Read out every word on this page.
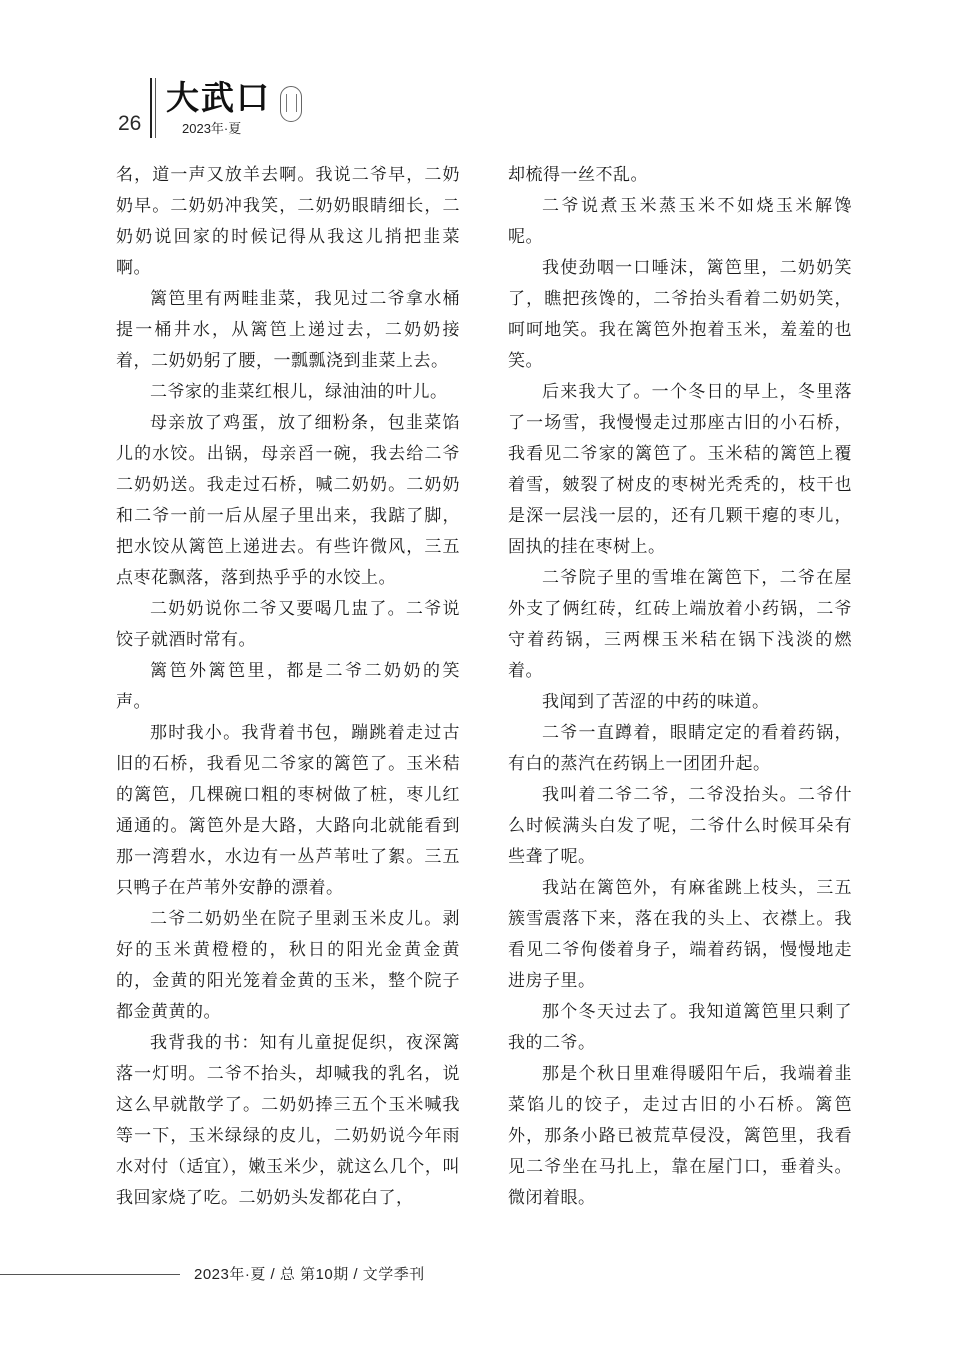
26
大武口
2023年·夏

名，道一声又放羊去啊。我说二爷早，二奶奶早。二奶奶冲我笑，二奶奶眼睛细长，二奶奶说回家的时候记得从我这儿捎把韭菜啊。

篱笆里有两畦韭菜，我见过二爷拿水桶提一桶井水，从篱笆上递过去，二奶奶接着，二奶奶躬了腰，一瓢瓢浇到韭菜上去。

二爷家的韭菜红根儿，绿油油的叶儿。

母亲放了鸡蛋，放了细粉条，包韭菜馅儿的水饺。出锅，母亲舀一碗，我去给二爷二奶奶送。我走过石桥，喊二奶奶。二奶奶和二爷一前一后从屋子里出来，我踮了脚，把水饺从篱笆上递进去。有些许微风，三五点枣花飘落，落到热乎乎的水饺上。

二奶奶说你二爷又要喝几盅了。二爷说饺子就酒时常有。

篱笆外篱笆里，都是二爷二奶奶的笑声。

那时我小。我背着书包，蹦跳着走过古旧的石桥，我看见二爷家的篱笆了。玉米秸的篱笆，几棵碗口粗的枣树做了桩，枣儿红通通的。篱笆外是大路，大路向北就能看到那一湾碧水，水边有一丛芦苇吐了絮。三五只鸭子在芦苇外安静的漂着。

二爷二奶奶坐在院子里剥玉米皮儿。剥好的玉米黄橙橙的，秋日的阳光金黄金黄的，金黄的阳光笼着金黄的玉米，整个院子都金黄黄的。

我背我的书：知有儿童捉促织，夜深篱落一灯明。二爷不抬头，却喊我的乳名，说这么早就散学了。二奶奶捧三五个玉米喊我等一下，玉米绿绿的皮儿，二奶奶说今年雨水对付（适宜），嫩玉米少，就这么几个，叫我回家烧了吃。二奶奶头发都花白了，

却梳得一丝不乱。

二爷说煮玉米蒸玉米不如烧玉米解馋呢。

我使劲咽一口唾沫，篱笆里，二奶奶笑了，瞧把孩馋的，二爷抬头看着二奶奶笑，呵呵地笑。我在篱笆外抱着玉米，羞羞的也笑。

后来我大了。一个冬日的早上，冬里落了一场雪，我慢慢走过那座古旧的小石桥，我看见二爷家的篱笆了。玉米秸的篱笆上覆着雪，皴裂了树皮的枣树光秃秃的，枝干也是深一层浅一层的，还有几颗干瘪的枣儿，固执的挂在枣树上。

二爷院子里的雪堆在篱笆下，二爷在屋外支了俩红砖，红砖上端放着小药锅，二爷守着药锅，三两棵玉米秸在锅下浅淡的燃着。

我闻到了苦涩的中药的味道。

二爷一直蹲着，眼睛定定的看着药锅，有白的蒸汽在药锅上一团团升起。

我叫着二爷二爷，二爷没抬头。二爷什么时候满头白发了呢，二爷什么时候耳朵有些聋了呢。

我站在篱笆外，有麻雀跳上枝头，三五簇雪震落下来，落在我的头上、衣襟上。我看见二爷佝偻着身子，端着药锅，慢慢地走进房子里。

那个冬天过去了。我知道篱笆里只剩了我的二爷。

那是个秋日里难得暖阳午后，我端着韭菜馅儿的饺子，走过古旧的小石桥。篱笆外，那条小路已被荒草侵没，篱笆里，我看见二爷坐在马扎上，靠在屋门口，垂着头。微闭着眼。

2023年·夏 / 总 第10期 / 文学季刊
